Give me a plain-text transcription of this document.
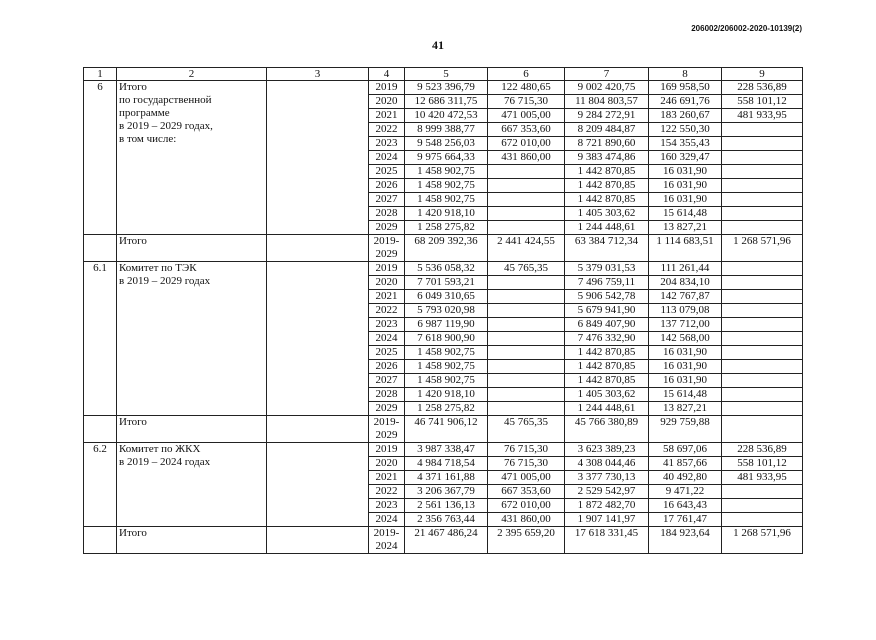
206002/206002-2020-10139(2)
41
1	2	3	4	5	6	7	8	9
6	Итого
по государственной
программе
в 2019 – 2029 годах,
в том числе:		2019	9 523 396,79	122 480,65	9 002 420,75	169 958,50	228 536,89
			2020	12 686 311,75	76 715,30	11 804 803,57	246 691,76	558 101,12
			2021	10 420 472,53	471 005,00	9 284 272,91	183 260,67	481 933,95
			2022	8 999 388,77	667 353,60	8 209 484,87	122 550,30	
			2023	9 548 256,03	672 010,00	8 721 890,60	154 355,43	
			2024	9 975 664,33	431 860,00	9 383 474,86	160 329,47	
			2025	1 458 902,75		1 442 870,85	16 031,90	
			2026	1 458 902,75		1 442 870,85	16 031,90	
			2027	1 458 902,75		1 442 870,85	16 031,90	
			2028	1 420 918,10		1 405 303,62	15 614,48	
			2029	1 258 275,82		1 244 448,61	13 827,21	
	Итого		2019-
2029	68 209 392,36	2 441 424,55	63 384 712,34	1 114 683,51	1 268 571,96
6.1	Комитет по ТЭК
в 2019 – 2029 годах		2019	5 536 058,32	45 765,35	5 379 031,53	111 261,44	
			2020	7 701 593,21		7 496 759,11	204 834,10	
			2021	6 049 310,65		5 906 542,78	142 767,87	
			2022	5 793 020,98		5 679 941,90	113 079,08	
			2023	6 987 119,90		6 849 407,90	137 712,00	
			2024	7 618 900,90		7 476 332,90	142 568,00	
			2025	1 458 902,75		1 442 870,85	16 031,90	
			2026	1 458 902,75		1 442 870,85	16 031,90	
			2027	1 458 902,75		1 442 870,85	16 031,90	
			2028	1 420 918,10		1 405 303,62	15 614,48	
			2029	1 258 275,82		1 244 448,61	13 827,21	
	Итого		2019-
2029	46 741 906,12	45 765,35	45 766 380,89	929 759,88	
6.2	Комитет по ЖКХ
в 2019 – 2024 годах		2019	3 987 338,47	76 715,30	3 623 389,23	58 697,06	228 536,89
			2020	4 984 718,54	76 715,30	4 308 044,46	41 857,66	558 101,12
			2021	4 371 161,88	471 005,00	3 377 730,13	40 492,80	481 933,95
			2022	3 206 367,79	667 353,60	2 529 542,97	9 471,22	
			2023	2 561 136,13	672 010,00	1 872 482,70	16 643,43	
			2024	2 356 763,44	431 860,00	1 907 141,97	17 761,47	
	Итого		2019-
2024	21 467 486,24	2 395 659,20	17 618 331,45	184 923,64	1 268 571,96
